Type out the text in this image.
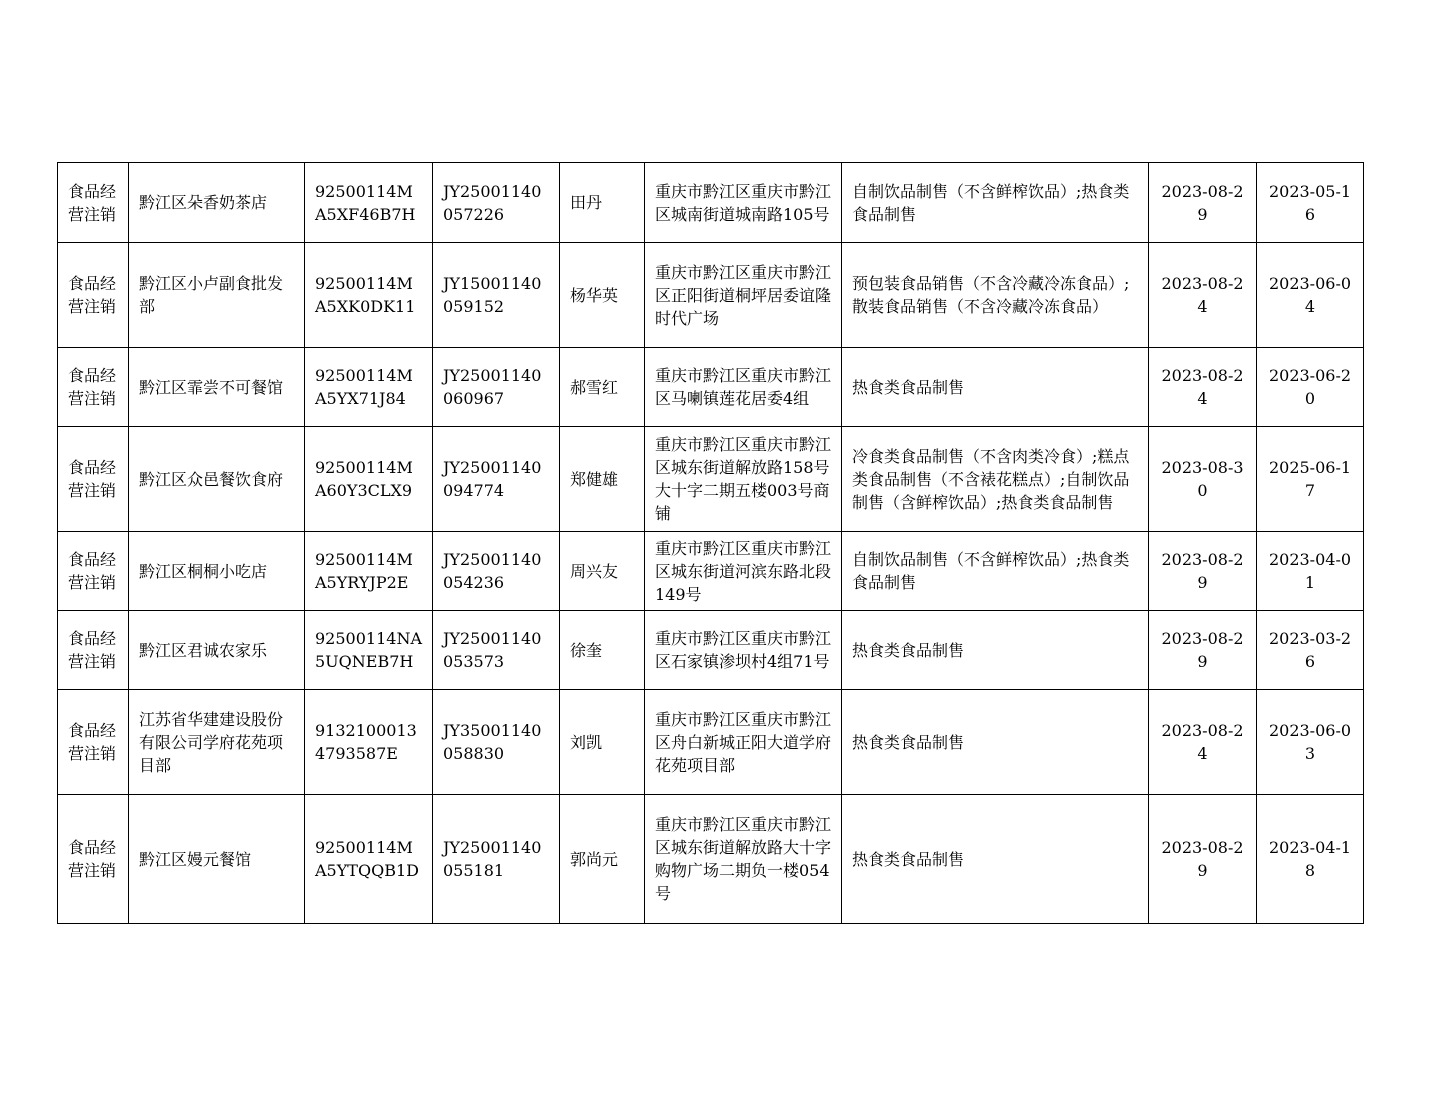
食品经营注销	黔江区朵香奶茶店	92500114MA5XF46B7H	JY25001140057226	田丹	重庆市黔江区重庆市黔江区城南街道城南路105号	自制饮品制售（不含鲜榨饮品）;热食类食品制售	2023-08-29	2023-05-16
食品经营注销	黔江区小卢副食批发部	92500114MA5XK0DK11	JY15001140059152	杨华英	重庆市黔江区重庆市黔江区正阳街道桐坪居委谊隆时代广场	预包装食品销售（不含冷藏冷冻食品）;散装食品销售（不含冷藏冷冻食品）	2023-08-24	2023-06-04
食品经营注销	黔江区霏尝不可餐馆	92500114MA5YX71J84	JY25001140060967	郝雪红	重庆市黔江区重庆市黔江区马喇镇莲花居委4组	热食类食品制售	2023-08-24	2023-06-20
食品经营注销	黔江区众邑餐饮食府	92500114MA60Y3CLX9	JY25001140094774	郑健雄	重庆市黔江区重庆市黔江区城东街道解放路158号大十字二期五楼003号商铺	冷食类食品制售（不含肉类冷食）;糕点类食品制售（不含裱花糕点）;自制饮品制售（含鲜榨饮品）;热食类食品制售	2023-08-30	2025-06-17
食品经营注销	黔江区桐桐小吃店	92500114MA5YRYJP2E	JY25001140054236	周兴友	重庆市黔江区重庆市黔江区城东街道河滨东路北段149号	自制饮品制售（不含鲜榨饮品）;热食类食品制售	2023-08-29	2023-04-01
食品经营注销	黔江区君诚农家乐	92500114NA5UQNEB7H	JY25001140053573	徐奎	重庆市黔江区重庆市黔江区石家镇渗坝村4组71号	热食类食品制售	2023-08-29	2023-03-26
食品经营注销	江苏省华建建设股份有限公司学府花苑项目部	91321000134793587E	JY35001140058830	刘凯	重庆市黔江区重庆市黔江区舟白新城正阳大道学府花苑项目部	热食类食品制售	2023-08-24	2023-06-03
食品经营注销	黔江区嫚元餐馆	92500114MA5YTQQB1D	JY25001140055181	郭尚元	重庆市黔江区重庆市黔江区城东街道解放路大十字购物广场二期负一楼054号	热食类食品制售	2023-08-29	2023-04-18
